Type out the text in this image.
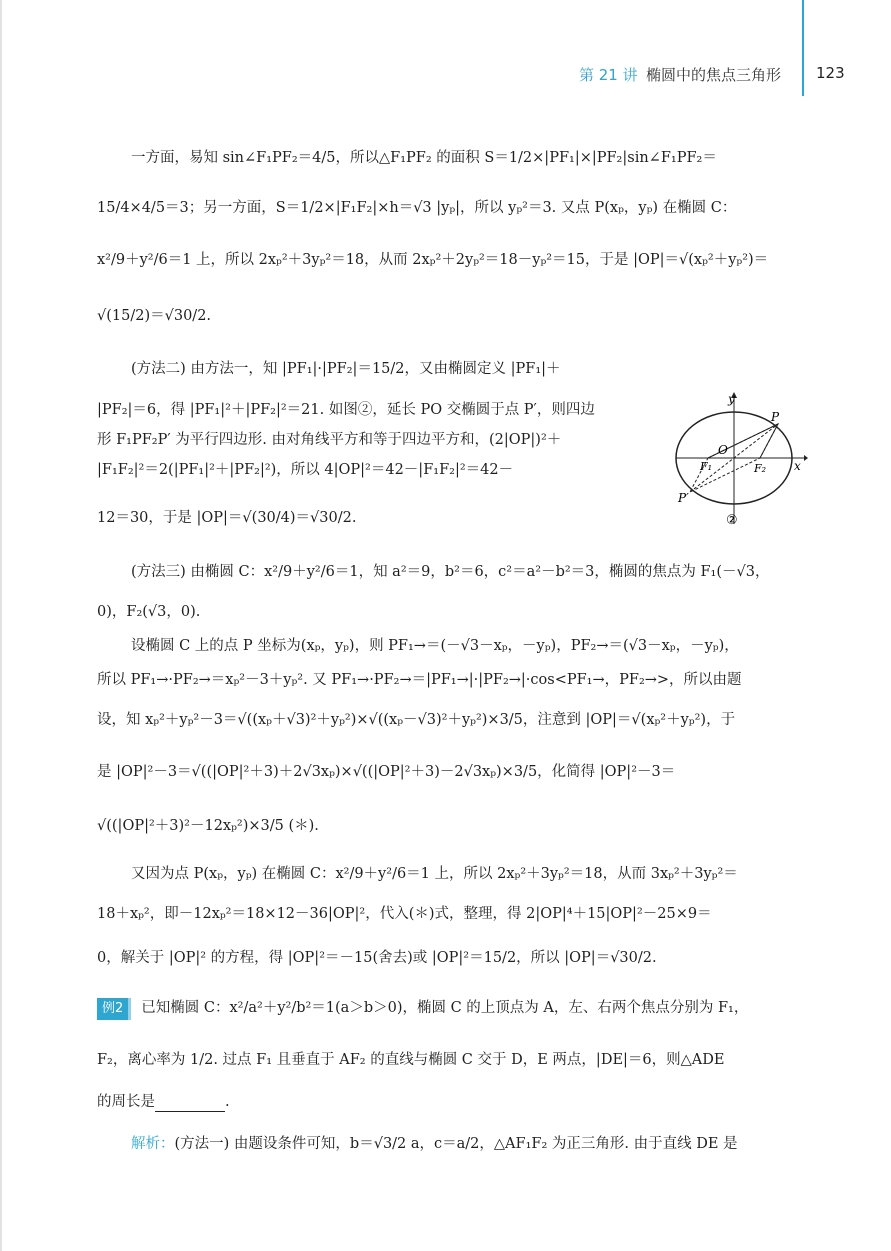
第 21 讲 椭圆中的焦点三角形 123
一方面，易知 sin∠F₁PF₂＝4/5，所以△F₁PF₂ 的面积 S＝1/2×|PF₁|×|PF₂|sin∠F₁PF₂＝
15/4×4/5＝3；另一方面，S＝1/2×|F₁F₂|×h＝√3 |yₚ|，所以 yₚ²＝3. 又点 P(xₚ，yₚ) 在椭圆 C：
x²/9＋y²/6＝1 上，所以 2xₚ²＋3yₚ²＝18，从而 2xₚ²＋2yₚ²＝18－yₚ²＝15，于是 |OP|＝√(xₚ²＋yₚ²)＝
√(15/2)＝√30/2.
(方法二) 由方法一，知 |PF₁|·|PF₂|＝15/2，又由椭圆定义 |PF₁|＋
|PF₂|＝6，得 |PF₁|²＋|PF₂|²＝21. 如图②，延长 PO 交椭圆于点 P′，则四边
形 F₁PF₂P′ 为平行四边形. 由对角线平方和等于四边平方和，(2|OP|)²＋
|F₁F₂|²＝2(|PF₁|²＋|PF₂|²)，所以 4|OP|²＝42－|F₁F₂|²＝42－
12＝30，于是 |OP|＝√(30/4)＝√30/2.
y
x
P
O
F₁	F₂
P′
②
(方法三) 由椭圆 C：x²/9＋y²/6＝1，知 a²＝9，b²＝6，c²＝a²－b²＝3，椭圆的焦点为 F₁(－√3，
0)，F₂(√3，0).
设椭圆 C 上的点 P 坐标为(xₚ，yₚ)，则 PF₁→＝(－√3－xₚ，－yₚ)，PF₂→＝(√3－xₚ，－yₚ)，
所以 PF₁→·PF₂→＝xₚ²－3＋yₚ². 又 PF₁→·PF₂→＝|PF₁→|·|PF₂→|·cos<PF₁→，PF₂→>，所以由题
设，知 xₚ²＋yₚ²－3＝√((xₚ＋√3)²＋yₚ²)×√((xₚ－√3)²＋yₚ²)×3/5，注意到 |OP|＝√(xₚ²＋yₚ²)，于
是 |OP|²－3＝√((|OP|²＋3)＋2√3xₚ)×√((|OP|²＋3)－2√3xₚ)×3/5，化简得 |OP|²－3＝
√((|OP|²＋3)²－12xₚ²)×3/5 (＊).
又因为点 P(xₚ，yₚ) 在椭圆 C：x²/9＋y²/6＝1 上，所以 2xₚ²＋3yₚ²＝18，从而 3xₚ²＋3yₚ²＝
18＋xₚ²，即－12xₚ²＝18×12－36|OP|²，代入(＊)式，整理，得 2|OP|⁴＋15|OP|²－25×9＝
0，解关于 |OP|² 的方程，得 |OP|²＝－15(舍去)或 |OP|²＝15/2，所以 |OP|＝√30/2.
例2 已知椭圆 C：x²/a²＋y²/b²＝1(a＞b＞0)，椭圆 C 的上顶点为 A，左、右两个焦点分别为 F₁，
F₂，离心率为 1/2. 过点 F₁ 且垂直于 AF₂ 的直线与椭圆 C 交于 D，E 两点，|DE|＝6，则△ADE
的周长是	.
解析：(方法一) 由题设条件可知，b＝√3/2 a，c＝a/2，△AF₁F₂ 为正三角形. 由于直线 DE 是
